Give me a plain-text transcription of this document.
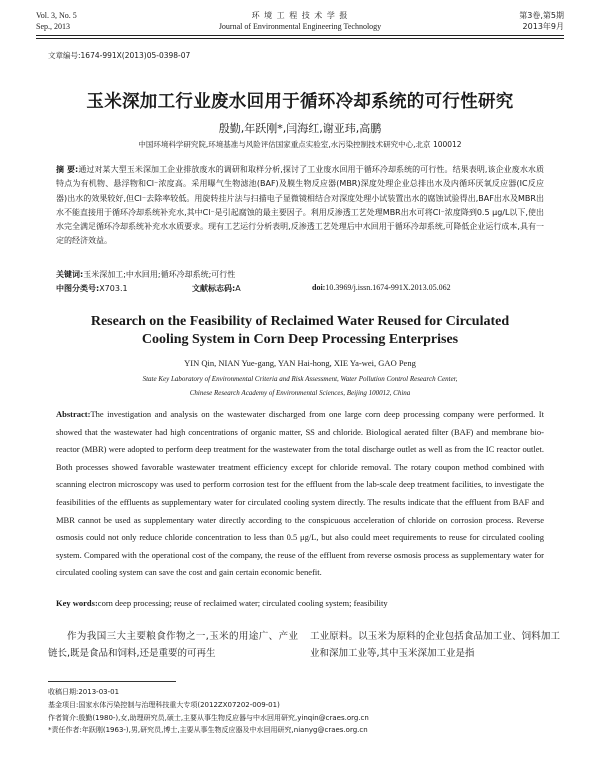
Vol. 3, No. 5
Sep., 2013
环 境 工 程 技 术 学 报
Journal of Environmental Engineering Technology
第3卷,第5期
2013年9月
文章编号:1674-991X(2013)05-0398-07
玉米深加工行业废水回用于循环冷却系统的可行性研究
殷勤,年跃刚*,闫海红,谢亚玮,高鹏
中国环境科学研究院,环境基准与风险评估国家重点实验室,水污染控制技术研究中心,北京 100012
摘 要:通过对某大型玉米深加工企业排放废水的调研和取样分析,探讨了工业废水回用于循环冷却系统的可行性。结果表明,该企业废水水质特点为有机物、悬浮物和Cl⁻浓度高。采用曝气生物滤池(BAF)及膜生物反应器(MBR)深度处理企业总排出水及内循环厌氧反应器(IC反应器)出水的效果较好,但Cl⁻去除率较低。用旋转挂片法与扫描电子显微镜相结合对深度处理小试装置出水的腐蚀试验得出,BAF出水及MBR出水不能直接用于循环冷却系统补充水,其中Cl⁻是引起腐蚀的最主要因子。利用反渗透工艺处理MBR出水可将Cl⁻浓度降到0.5 μg/L以下,使出水完全满足循环冷却系统补充水水质要求。现有工艺运行分析表明,反渗透工艺处理后中水回用于循环冷却系统,可降低企业运行成本,具有一定的经济效益。
关键词:玉米深加工;中水回用;循环冷却系统;可行性
中图分类号:X703.1	文献标志码:A	doi:10.3969/j.issn.1674-991X.2013.05.062
Research on the Feasibility of Reclaimed Water Reused for Circulated
Cooling System in Corn Deep Processing Enterprises
YIN Qin, NIAN Yue-gang, YAN Hai-hong, XIE Ya-wei, GAO Peng
State Key Laboratory of Environmental Criteria and Risk Assessment, Water Pollution Control Research Center,
Chinese Research Academy of Environmental Sciences, Beijing 100012, China
Abstract:The investigation and analysis on the wastewater discharged from one large corn deep processing company were performed. It showed that the wastewater had high concentrations of organic matter, SS and chloride. Biological aerated filter (BAF) and membrane bio-reactor (MBR) were adopted to perform deep treatment for the wastewater from the total discharge outlet as well as from the IC reactor outlet. Both processes showed favorable wastewater treatment efficiency except for chloride removal. The rotary coupon method combined with scanning electron microscopy was used to perform corrosion test for the effluent from the lab-scale deep treatment facilities, to investigate the feasibilities of the effluents as supplementary water for circulated cooling system directly. The results indicate that the effluent from BAF and MBR cannot be used as supplementary water directly according to the conspicuous acceleration of chloride on corrosion process. Reverse osmosis could not only reduce chloride concentration to less than 0.5 μg/L, but also could meet requirements to reuse for circulated cooling system. Compared with the operational cost of the company, the reuse of the effluent from reverse osmosis process as supplementary water for circulated cooling system can save the cost and gain certain economic benefit.
Key words:corn deep processing; reuse of reclaimed water; circulated cooling system; feasibility
作为我国三大主要粮食作物之一,玉米的用途广、产业链长,既是食品和饲料,还是重要的可再生
工业原料。以玉米为原料的企业包括食品加工业、饲料加工业和深加工业等,其中玉米深加工业是指
收稿日期:2013-03-01
基金项目:国家水体污染控制与治理科技重大专项(2012ZX07202-009-01)
作者简介:殷勤(1980-),女,助理研究员,硕士,主要从事生物反应器与中水回用研究,yinqin@craes.org.cn
*责任作者:年跃刚(1963-),男,研究员,博士,主要从事生物反应器及中水回用研究,nianyg@craes.org.cn
